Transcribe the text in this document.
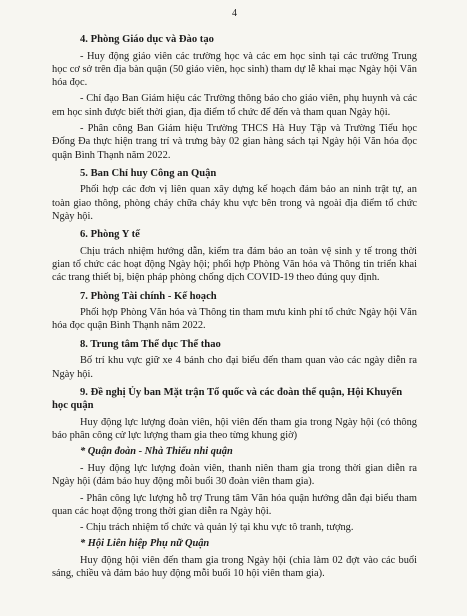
4
4. Phòng Giáo dục và Đào tạo

- Huy động giáo viên các trường học và các em học sinh tại các trường Trung học cơ sở trên địa bàn quận (50 giáo viên, học sinh) tham dự lễ khai mạc Ngày hội Văn hóa đọc.

- Chỉ đạo Ban Giám hiệu các Trường thông báo cho giáo viên, phụ huynh và các em học sinh được biết thời gian, địa điểm tổ chức để đến và tham quan Ngày hội.

- Phân công Ban Giám hiệu Trường THCS Hà Huy Tập và Trường Tiểu học Đống Đa thực hiện trang trí và trưng bày 02 gian hàng sách tại Ngày hội Văn hóa đọc quận Bình Thạnh năm 2022.

5. Ban Chỉ huy Công an Quận

Phối hợp các đơn vị liên quan xây dựng kế hoạch đảm bảo an ninh trật tự, an toàn giao thông, phòng cháy chữa cháy khu vực bên trong và ngoài địa điểm tổ chức Ngày hội.

6. Phòng Y tế

Chịu trách nhiệm hướng dẫn, kiểm tra đảm bảo an toàn vệ sinh y tế trong thời gian tổ chức các hoạt động Ngày hội; phối hợp Phòng Văn hóa và Thông tin triển khai các trang thiết bị, biện pháp phòng chống dịch COVID-19 theo đúng quy định.

7. Phòng Tài chính - Kế hoạch

Phối hợp Phòng Văn hóa và Thông tin tham mưu kinh phí tổ chức Ngày hội Văn hóa đọc quận Bình Thạnh năm 2022.

8. Trung tâm Thể dục Thể thao

Bố trí khu vực giữ xe 4 bánh cho đại biểu đến tham quan vào các ngày diễn ra Ngày hội.

9. Đề nghị Ủy ban Mặt trận Tổ quốc và các đoàn thể quận, Hội Khuyến học quận

Huy động lực lượng đoàn viên, hội viên đến tham gia trong Ngày hội (có thông báo phân công cử lực lượng tham gia theo từng khung giờ)

* Quận đoàn - Nhà Thiếu nhi quận

- Huy động lực lượng đoàn viên, thanh niên tham gia trong thời gian diễn ra Ngày hội (đảm bảo huy động mỗi buổi 30 đoàn viên tham gia).

- Phân công lực lượng hỗ trợ Trung tâm Văn hóa quận hướng dẫn đại biểu tham quan các hoạt động trong thời gian diễn ra Ngày hội.

- Chịu trách nhiệm tổ chức và quản lý tại khu vực tô tranh, tượng.

* Hội Liên hiệp Phụ nữ Quận

Huy động hội viên đến tham gia trong Ngày hội (chia làm 02 đợt vào các buổi sáng, chiều và đảm bảo huy động mỗi buổi 10 hội viên tham gia).
